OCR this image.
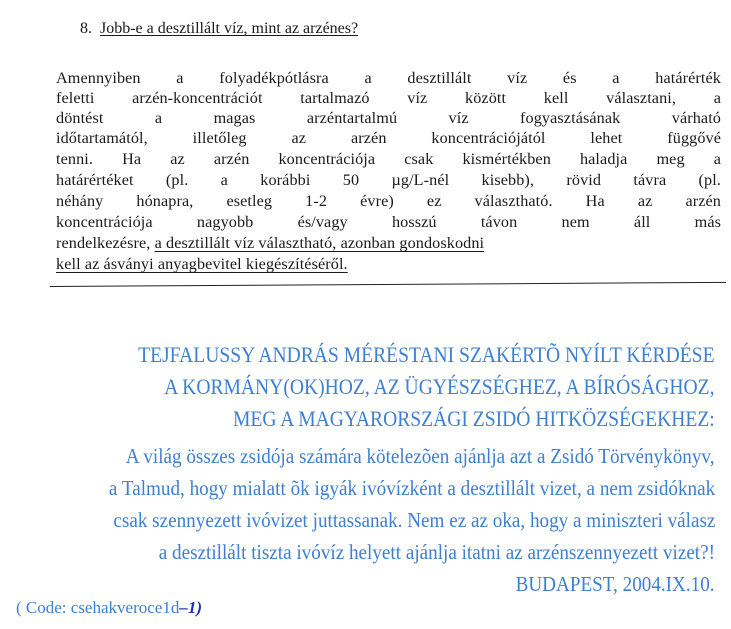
8. Jobb-e a desztillált víz, mint az arzénes?
Amennyiben a folyadékpótlásra a desztillált víz és a határérték
feletti arzén-koncentrációt tartalmazó víz között kell választani, a
döntést a magas arzéntartalmú víz fogyasztásának várható
időtartamától, illetőleg az arzén koncentrációjától lehet függővé
tenni. Ha az arzén koncentrációja csak kismértékben haladja meg a
határértéket (pl. a korábbi 50 µg/L-nél kisebb), rövid távra (pl.
néhány hónapra, esetleg 1-2 évre) ez választható. Ha az arzén
koncentrációja nagyobb és/vagy hosszú távon nem áll más
rendelkezésre, a desztillált víz választható, azonban gondoskodni
kell az ásványi anyagbevitel kiegészítéséről.
TEJFALUSSY ANDRÁS MÉRÉSTANI SZAKÉRTÕ NYÍLT KÉRDÉSE
A KORMÁNY(OK)HOZ, AZ ÜGYÉSZSÉGHEZ, A BÍRÓSÁGHOZ,
MEG A MAGYARORSZÁGI ZSIDÓ HITKÖZSÉGEKHEZ:
A világ összes zsidója számára kötelezõen ajánlja azt a Zsidó Törvénykönyv,
a Talmud, hogy mialatt õk igyák ivóvízként a desztillált vizet, a nem zsidóknak
csak szennyezett ivóvizet juttassanak. Nem ez az oka, hogy a miniszteri válasz
a desztillált tiszta ivóvíz helyett ajánlja itatni az arzénszennyezett vizet?!
BUDAPEST, 2004.IX.10.
( Code: csehakveroce1d–1)
